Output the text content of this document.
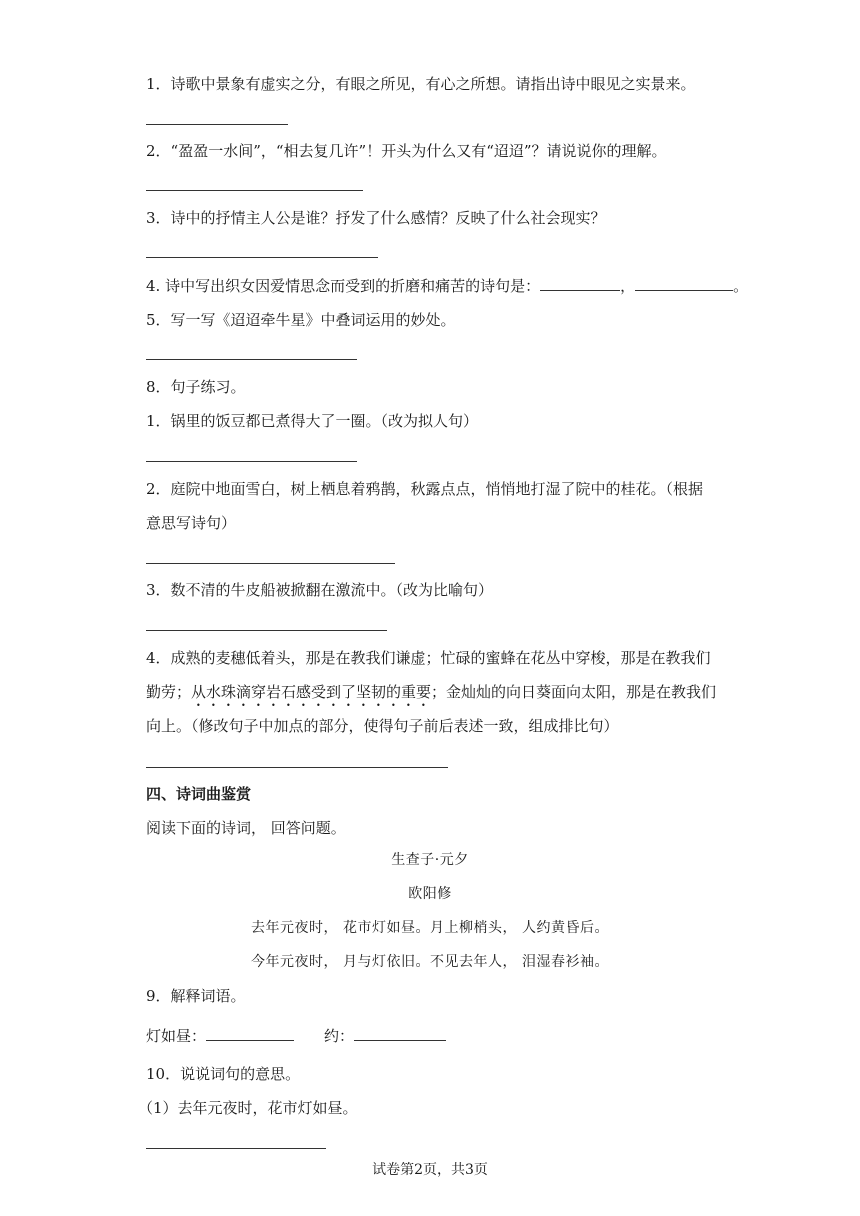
1．诗歌中景象有虚实之分，有眼之所见，有心之所想。请指出诗中眼见之实景来。
2．“盈盈一水间”，“相去复几许”！开头为什么又有“迢迢”？请说说你的理解。
3．诗中的抒情主人公是谁？抒发了什么感情？反映了什么社会现实？
4. 诗中写出织女因爱情思念而受到的折磨和痛苦的诗句是：	，	。
5．写一写《迢迢牵牛星》中叠词运用的妙处。
8．句子练习。
1．锅里的饭豆都已煮得大了一圈。（改为拟人句）
2．庭院中地面雪白，树上栖息着鸦鹊，秋露点点，悄悄地打湿了院中的桂花。（根据
意思写诗句）
3．数不清的牛皮船被掀翻在激流中。（改为比喻句）
4．成熟的麦穗低着头，那是在教我们谦虚；忙碌的蜜蜂在花丛中穿梭，那是在教我们
勤劳；从水珠滴穿岩石感受到了坚韧的重要；金灿灿的向日葵面向太阳，那是在教我们
向上。（修改句子中加点的部分，使得句子前后表述一致，组成排比句）
四、诗词曲鉴赏
阅读下面的诗词， 回答问题。
生查子·元夕
欧阳修
去年元夜时， 花市灯如昼。月上柳梢头， 人约黄昏后。
今年元夜时， 月与灯依旧。不见去年人， 泪湿春衫袖。
9．解释词语。
灯如昼：	约：
10．说说词句的意思。
（1）去年元夜时，花市灯如昼。
试卷第2页，共3页
